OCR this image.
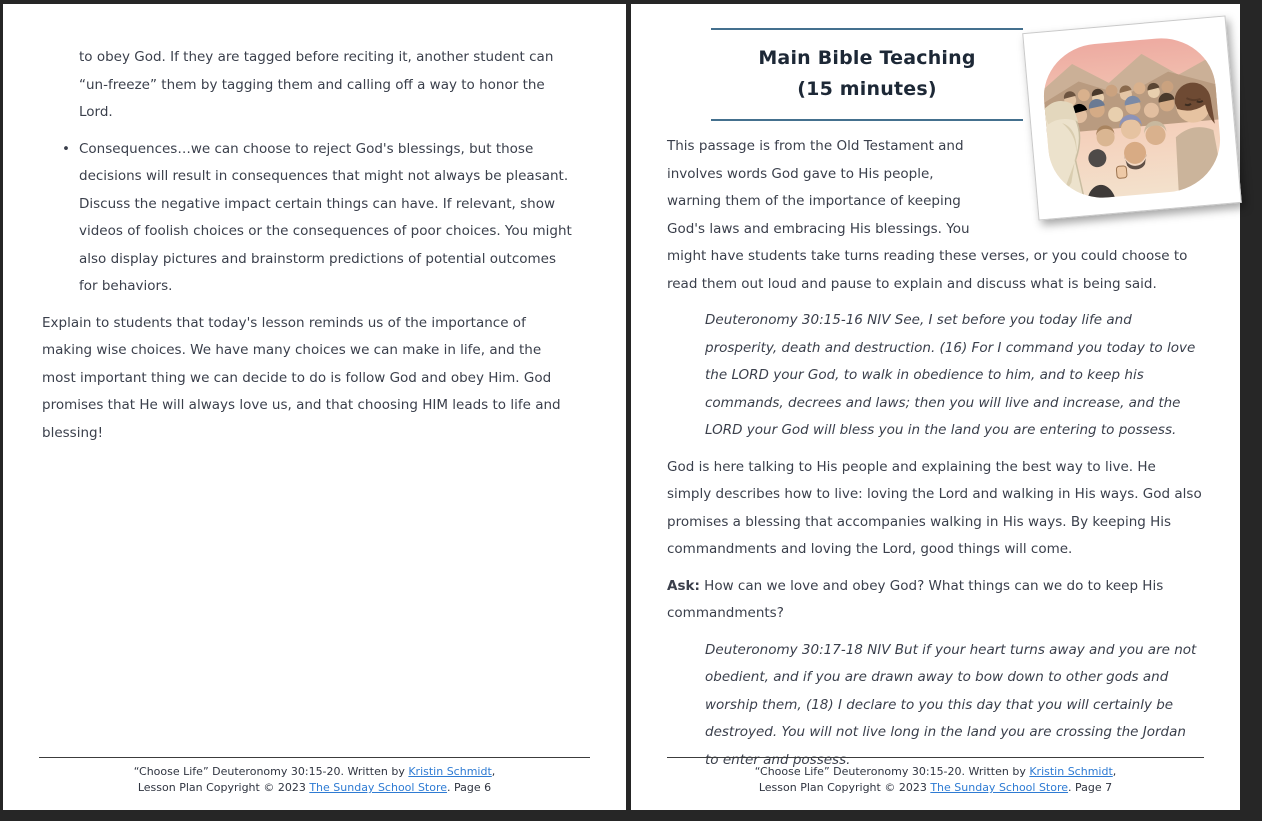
to obey God. If they are tagged before reciting it, another student can “un-freeze” them by tagging them and calling off a way to honor the Lord.

• Consequences…we can choose to reject God's blessings, but those decisions will result in consequences that might not always be pleasant. Discuss the negative impact certain things can have. If relevant, show videos of foolish choices or the consequences of poor choices. You might also display pictures and brainstorm predictions of potential outcomes for behaviors.

Explain to students that today's lesson reminds us of the importance of making wise choices. We have many choices we can make in life, and the most important thing we can decide to do is follow God and obey Him. God promises that He will always love us, and that choosing HIM leads to life and blessing!

“Choose Life” Deuteronomy 30:15-20. Written by Kristin Schmidt,
Lesson Plan Copyright © 2023 The Sunday School Store. Page 6
Main Bible Teaching
(15 minutes)

This passage is from the Old Testament and involves words God gave to His people, warning them of the importance of keeping God's laws and embracing His blessings. You might have students take turns reading these verses, or you could choose to read them out loud and pause to explain and discuss what is being said.

Deuteronomy 30:15-16 NIV See, I set before you today life and prosperity, death and destruction. (16) For I command you today to love the LORD your God, to walk in obedience to him, and to keep his commands, decrees and laws; then you will live and increase, and the LORD your God will bless you in the land you are entering to possess.

God is here talking to His people and explaining the best way to live. He simply describes how to live: loving the Lord and walking in His ways. God also promises a blessing that accompanies walking in His ways. By keeping His commandments and loving the Lord, good things will come.

Ask: How can we love and obey God? What things can we do to keep His commandments?

Deuteronomy 30:17-18 NIV But if your heart turns away and you are not obedient, and if you are drawn away to bow down to other gods and worship them, (18) I declare to you this day that you will certainly be destroyed. You will not live long in the land you are crossing the Jordan to enter and possess.

“Choose Life” Deuteronomy 30:15-20. Written by Kristin Schmidt,
Lesson Plan Copyright © 2023 The Sunday School Store. Page 7
